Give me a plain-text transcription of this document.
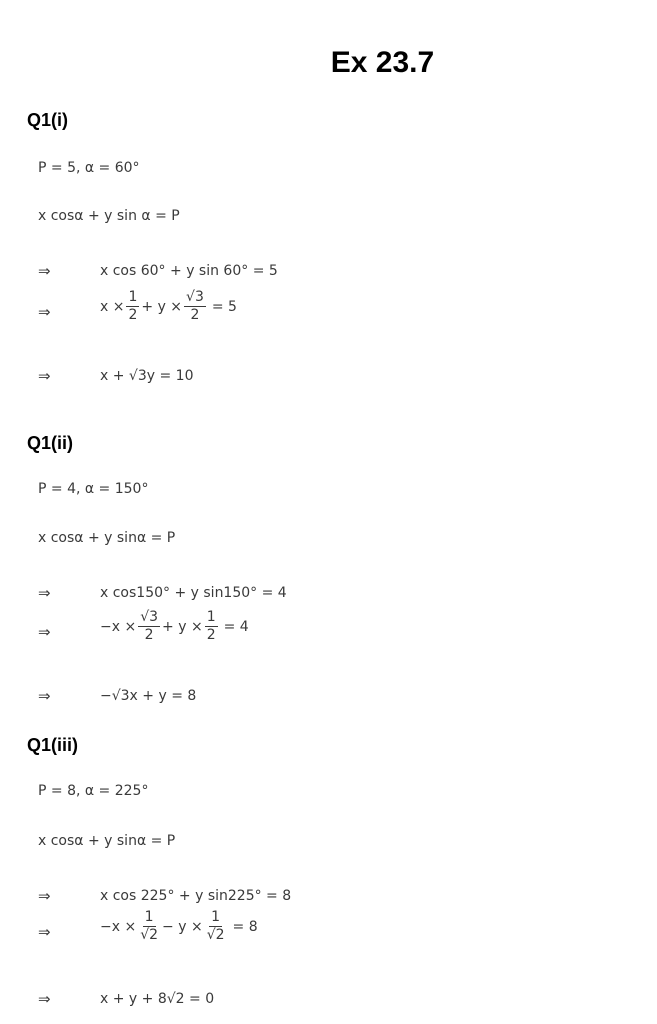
Ex 23.7
Q1(i)
P = 5, α = 60°
x cosα + y sin α = P
⇒	x cos 60° + y sin 60° = 5
⇒	$x \times \frac{1}{2} + y \times \frac{√3}{2} = 5$
⇒	x + √3y = 10
Q1(ii)
P = 4, α = 150°
x cosα + y sinα = P
⇒	x cos150° + y sin150° = 4
⇒	$-x \times \frac{√3}{2} + y \times \frac{1}{2} = 4$
⇒	−√3x + y = 8
Q1(iii)
P = 8, α = 225°
x cosα + y sinα = P
⇒	x cos 225° + y sin225° = 8
⇒	$-x \times \frac{1}{√2} - y \times \frac{1}{√2} = 8$
⇒	x + y + 8√2 = 0
